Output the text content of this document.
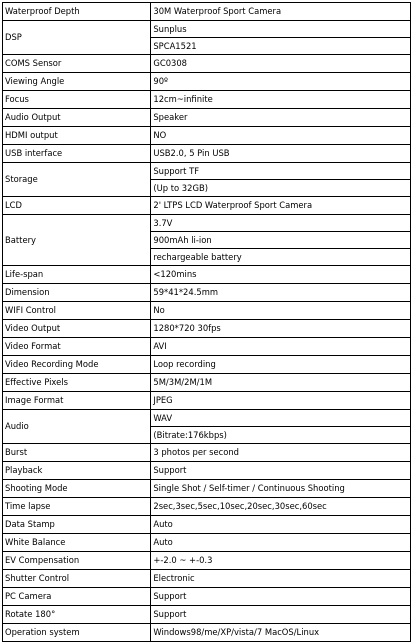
Waterproof Depth	30M Waterproof Sport Camera
DSP	Sunplus
SPCA1521

COMS Sensor	GC0308
Viewing Angle	90º
Focus	12cm~infinite
Audio Output	Speaker
HDMI output	NO
USB interface	USB2.0, 5 Pin USB
Storage	Support TF
(Up to 32GB)

LCD	2' LTPS LCD Waterproof Sport Camera
Battery	3.7V
900mAh li-ion
rechargeable battery

Life-span	<120mins
Dimension	59*41*24.5mm
WIFI Control	No
Video Output	1280*720 30fps
Video Format	AVI
Video Recording Mode	Loop recording
Effective Pixels	5M/3M/2M/1M
Image Format	JPEG
Audio	WAV
(Bitrate:176kbps)

Burst	3 photos per second
Playback	Support
Shooting Mode	Single Shot / Self-timer / Continuous Shooting
Time lapse	2sec,3sec,5sec,10sec,20sec,30sec,60sec
Data Stamp	Auto
White Balance	Auto
EV Compensation	+-2.0 ~ +-0.3
Shutter Control	Electronic
PC Camera	Support
Rotate 180°	Support
Operation system	Windows98/me/XP/vista/7 MacOS/Linux
